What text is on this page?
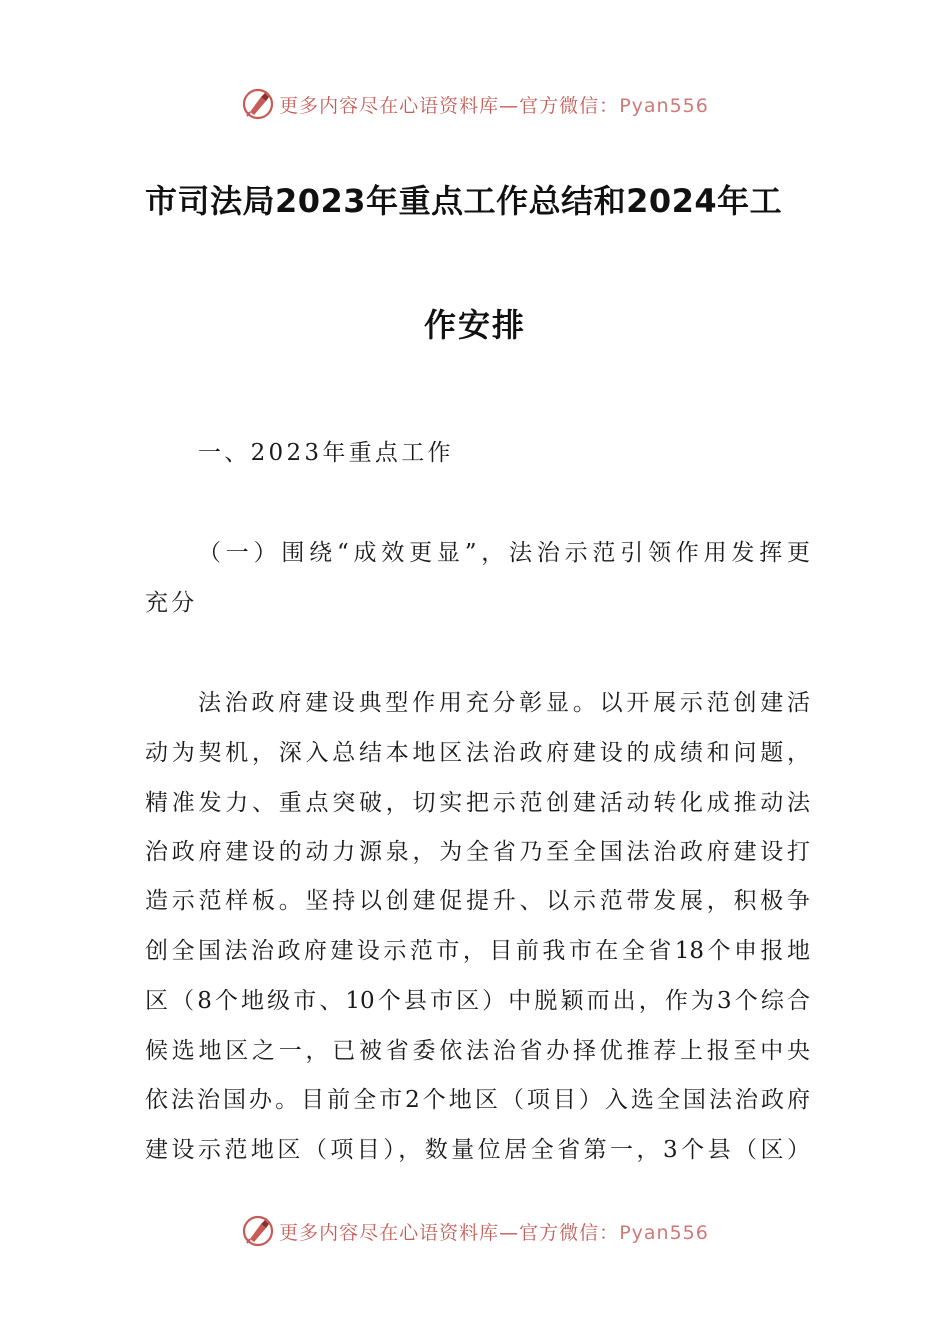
更多内容尽在心语资料库—官方微信：Pyan556
市司法局2023年重点工作总结和2024年工
作安排
一、2023年重点工作
（一）围绕“成效更显”，法治示范引领作用发挥更
充分
法治政府建设典型作用充分彰显。以开展示范创建活
动为契机，深入总结本地区法治政府建设的成绩和问题，
精准发力、重点突破，切实把示范创建活动转化成推动法
治政府建设的动力源泉，为全省乃至全国法治政府建设打
造示范样板。坚持以创建促提升、以示范带发展，积极争
创全国法治政府建设示范市，目前我市在全省18个申报地
区（8个地级市、10个县市区）中脱颖而出，作为3个综合
候选地区之一，已被省委依法治省办择优推荐上报至中央
依法治国办。目前全市2个地区（项目）入选全国法治政府
建设示范地区（项目），数量位居全省第一，3个县（区）
更多内容尽在心语资料库—官方微信：Pyan556
